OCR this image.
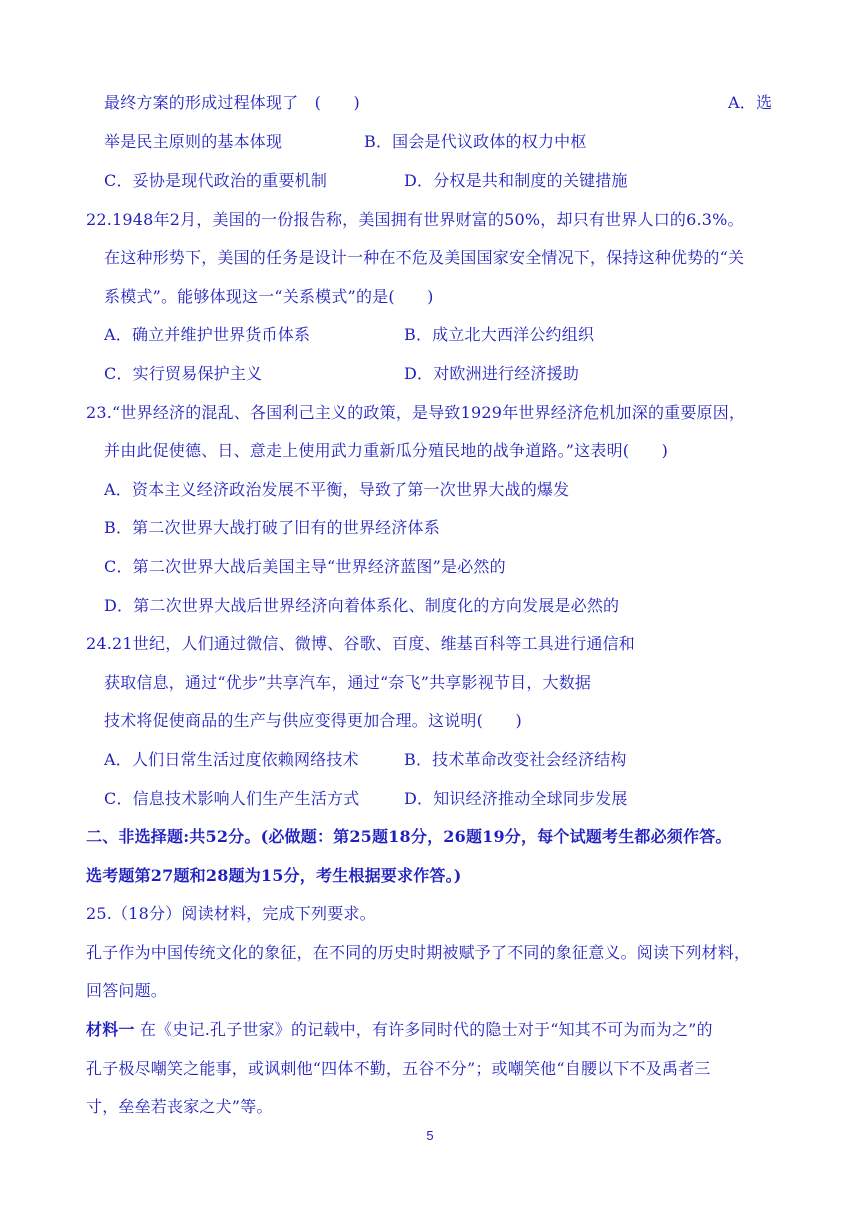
最终方案的形成过程体现了　(　　)	A．选
举是民主原则的基本体现	B．国会是代议政体的权力中枢
C．妥协是现代政治的重要机制	D．分权是共和制度的关键措施
22.1948年2月，美国的一份报告称，美国拥有世界财富的50%，却只有世界人口的6.3%。
在这种形势下，美国的任务是设计一种在不危及美国国家安全情况下，保持这种优势的“关
系模式”。能够体现这一“关系模式”的是(　　)
A．确立并维护世界货币体系	B．成立北大西洋公约组织
C．实行贸易保护主义	D．对欧洲进行经济援助
23.“世界经济的混乱、各国利己主义的政策，是导致1929年世界经济危机加深的重要原因，
并由此促使德、日、意走上使用武力重新瓜分殖民地的战争道路。”这表明(　　)
A．资本主义经济政治发展不平衡，导致了第一次世界大战的爆发
B．第二次世界大战打破了旧有的世界经济体系
C．第二次世界大战后美国主导“世界经济蓝图”是必然的
D．第二次世界大战后世界经济向着体系化、制度化的方向发展是必然的
24.21世纪，人们通过微信、微博、谷歌、百度、维基百科等工具进行通信和
获取信息，通过“优步”共享汽车，通过“奈飞”共享影视节目，大数据
技术将促使商品的生产与供应变得更加合理。这说明(　　)
A．人们日常生活过度依赖网络技术	B．技术革命改变社会经济结构
C．信息技术影响人们生产生活方式	D．知识经济推动全球同步发展
二、非选择题:共52分。(必做题：第25题18分，26题19分，每个试题考生都必须作答。
选考题第27题和28题为15分，考生根据要求作答。)
25.（18分）阅读材料，完成下列要求。
孔子作为中国传统文化的象征，在不同的历史时期被赋予了不同的象征意义。阅读下列材料，
回答问题。
材料一 在《史记.孔子世家》的记载中，有许多同时代的隐士对于“知其不可为而为之”的
孔子极尽嘲笑之能事，或讽刺他“四体不勤，五谷不分”；或嘲笑他“自腰以下不及禹者三
寸，垒垒若丧家之犬”等。
5
